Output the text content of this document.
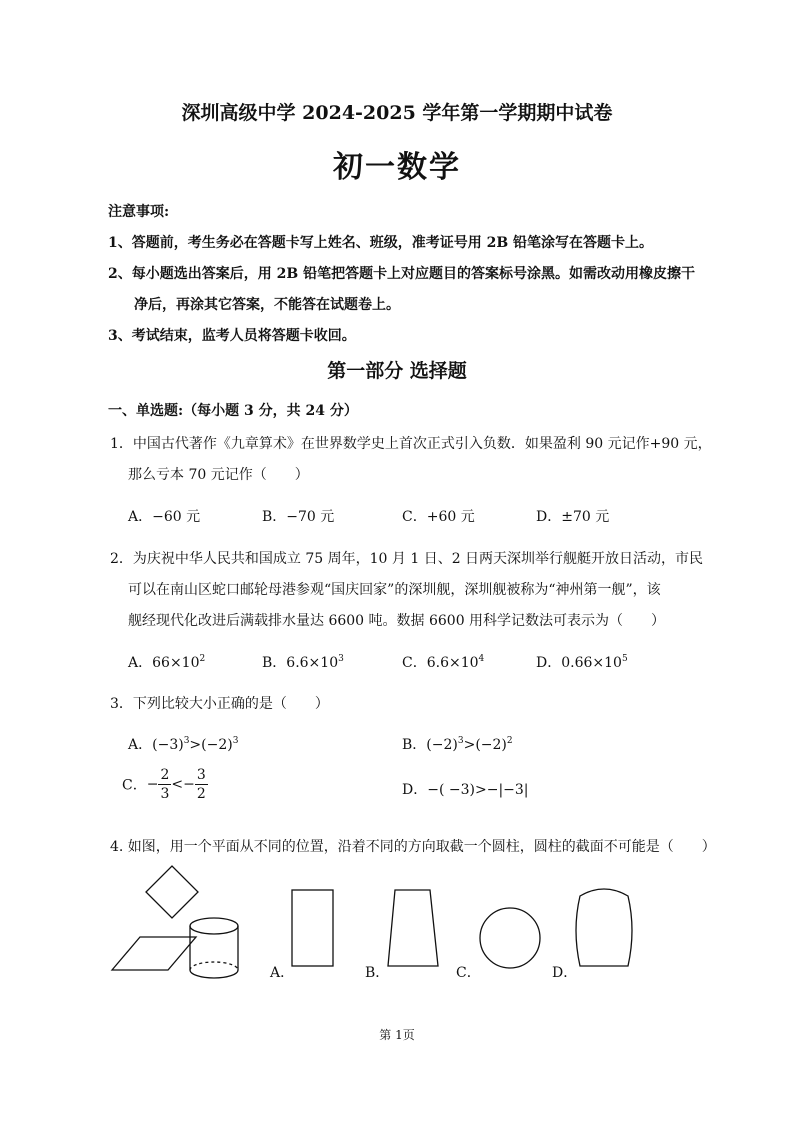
深圳高级中学 2024-2025 学年第一学期期中试卷
初一数学
注意事项:
1、答题前，考生务必在答题卡写上姓名、班级，准考证号用 2B 铅笔涂写在答题卡上。
2、每小题选出答案后，用 2B 铅笔把答题卡上对应题目的答案标号涂黑。如需改动用橡皮擦干
净后，再涂其它答案，不能答在试题卷上。
3、考试结束，监考人员将答题卡收回。
第一部分 选择题
一、单选题:（每小题 3 分，共 24 分）
1．中国古代著作《九章算术》在世界数学史上首次正式引入负数．如果盈利 90 元记作+90 元，
那么亏本 70 元记作（　　）
A．−60 元	B．−70 元	C．+60 元	D．±70 元
2．为庆祝中华人民共和国成立 75 周年，10 月 1 日、2 日两天深圳举行舰艇开放日活动，市民
可以在南山区蛇口邮轮母港参观“国庆回家”的深圳舰，深圳舰被称为“神州第一舰”，该
舰经现代化改进后满载排水量达 6600 吨。数据 6600 用科学记数法可表示为（　　）
A．$66\times 10^2$	B．$6.6\times 10^3$	C．$6.6\times 10^4$	D．$0.66\times 10^5$
3．下列比较大小正确的是（　　）
A．$(-3)^3>(-2)^3$	B．$(-2)^3>(-2)^2$
C．− $\frac{2}{3} <- \frac{3}{2}$	D．−( −3)>−|−3|
4. 如图，用一个平面从不同的位置，沿着不同的方向取截一个圆柱，圆柱的截面不可能是（　　）
A．	B．	C．	D．
第 1页
